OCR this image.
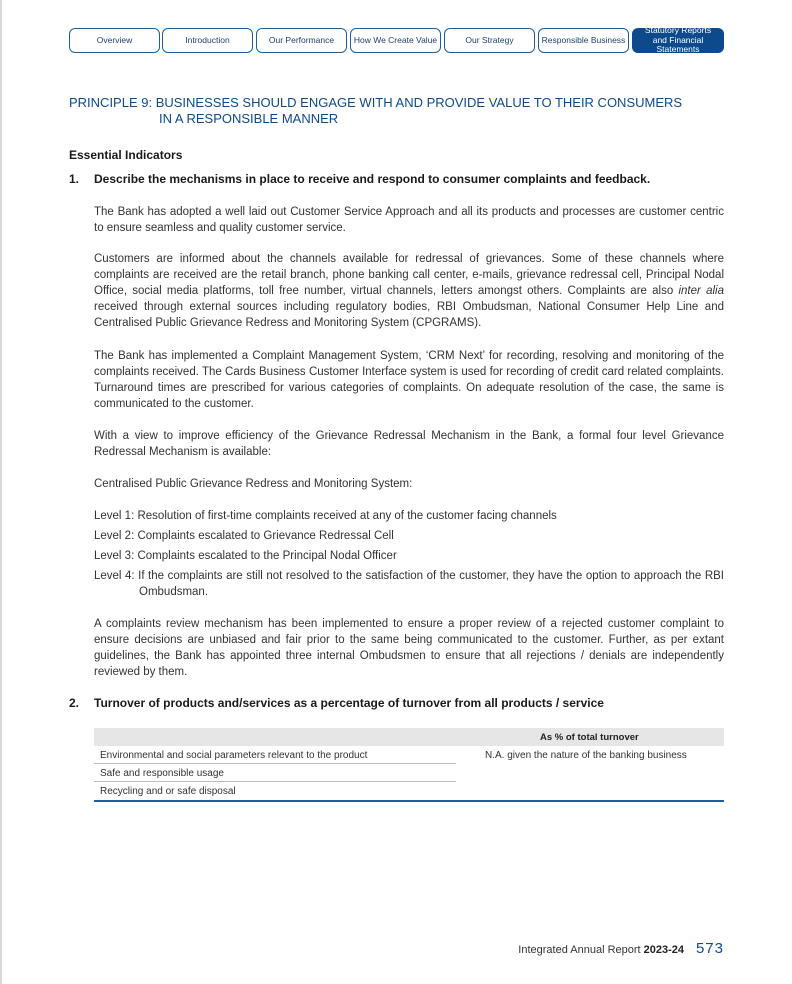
Overview	Introduction	Our Performance	How We Create Value	Our Strategy	Responsible Business
Statutory Reports and Financial Statements
PRINCIPLE 9: BUSINESSES SHOULD ENGAGE WITH AND PROVIDE VALUE TO THEIR CONSUMERS
IN A RESPONSIBLE MANNER
Essential Indicators
1. Describe the mechanisms in place to receive and respond to consumer complaints and feedback.
The Bank has adopted a well laid out Customer Service Approach and all its products and processes are customer centric to ensure seamless and quality customer service.
Customers are informed about the channels available for redressal of grievances. Some of these channels where complaints are received are the retail branch, phone banking call center, e-mails, grievance redressal cell, Principal Nodal Office, social media platforms, toll free number, virtual channels, letters amongst others. Complaints are also inter alia received through external sources including regulatory bodies, RBI Ombudsman, National Consumer Help Line and Centralised Public Grievance Redress and Monitoring System (CPGRAMS).
The Bank has implemented a Complaint Management System, ‘CRM Next’ for recording, resolving and monitoring of the complaints received. The Cards Business Customer Interface system is used for recording of credit card related complaints. Turnaround times are prescribed for various categories of complaints. On adequate resolution of the case, the same is communicated to the customer.
With a view to improve efficiency of the Grievance Redressal Mechanism in the Bank, a formal four level Grievance Redressal Mechanism is available:
Centralised Public Grievance Redress and Monitoring System:
Level 1: Resolution of first-time complaints received at any of the customer facing channels
Level 2: Complaints escalated to Grievance Redressal Cell
Level 3: Complaints escalated to the Principal Nodal Officer
Level 4: If the complaints are still not resolved to the satisfaction of the customer, they have the option to approach the RBI Ombudsman.
A complaints review mechanism has been implemented to ensure a proper review of a rejected customer complaint to ensure decisions are unbiased and fair prior to the same being communicated to the customer. Further, as per extant guidelines, the Bank has appointed three internal Ombudsmen to ensure that all rejections / denials are independently reviewed by them.
2. Turnover of products and/services as a percentage of turnover from all products / service
As % of total turnover
Environmental and social parameters relevant to the product	N.A. given the nature of the banking business
Safe and responsible usage
Recycling and or safe disposal
Integrated Annual Report 2023-24 573
